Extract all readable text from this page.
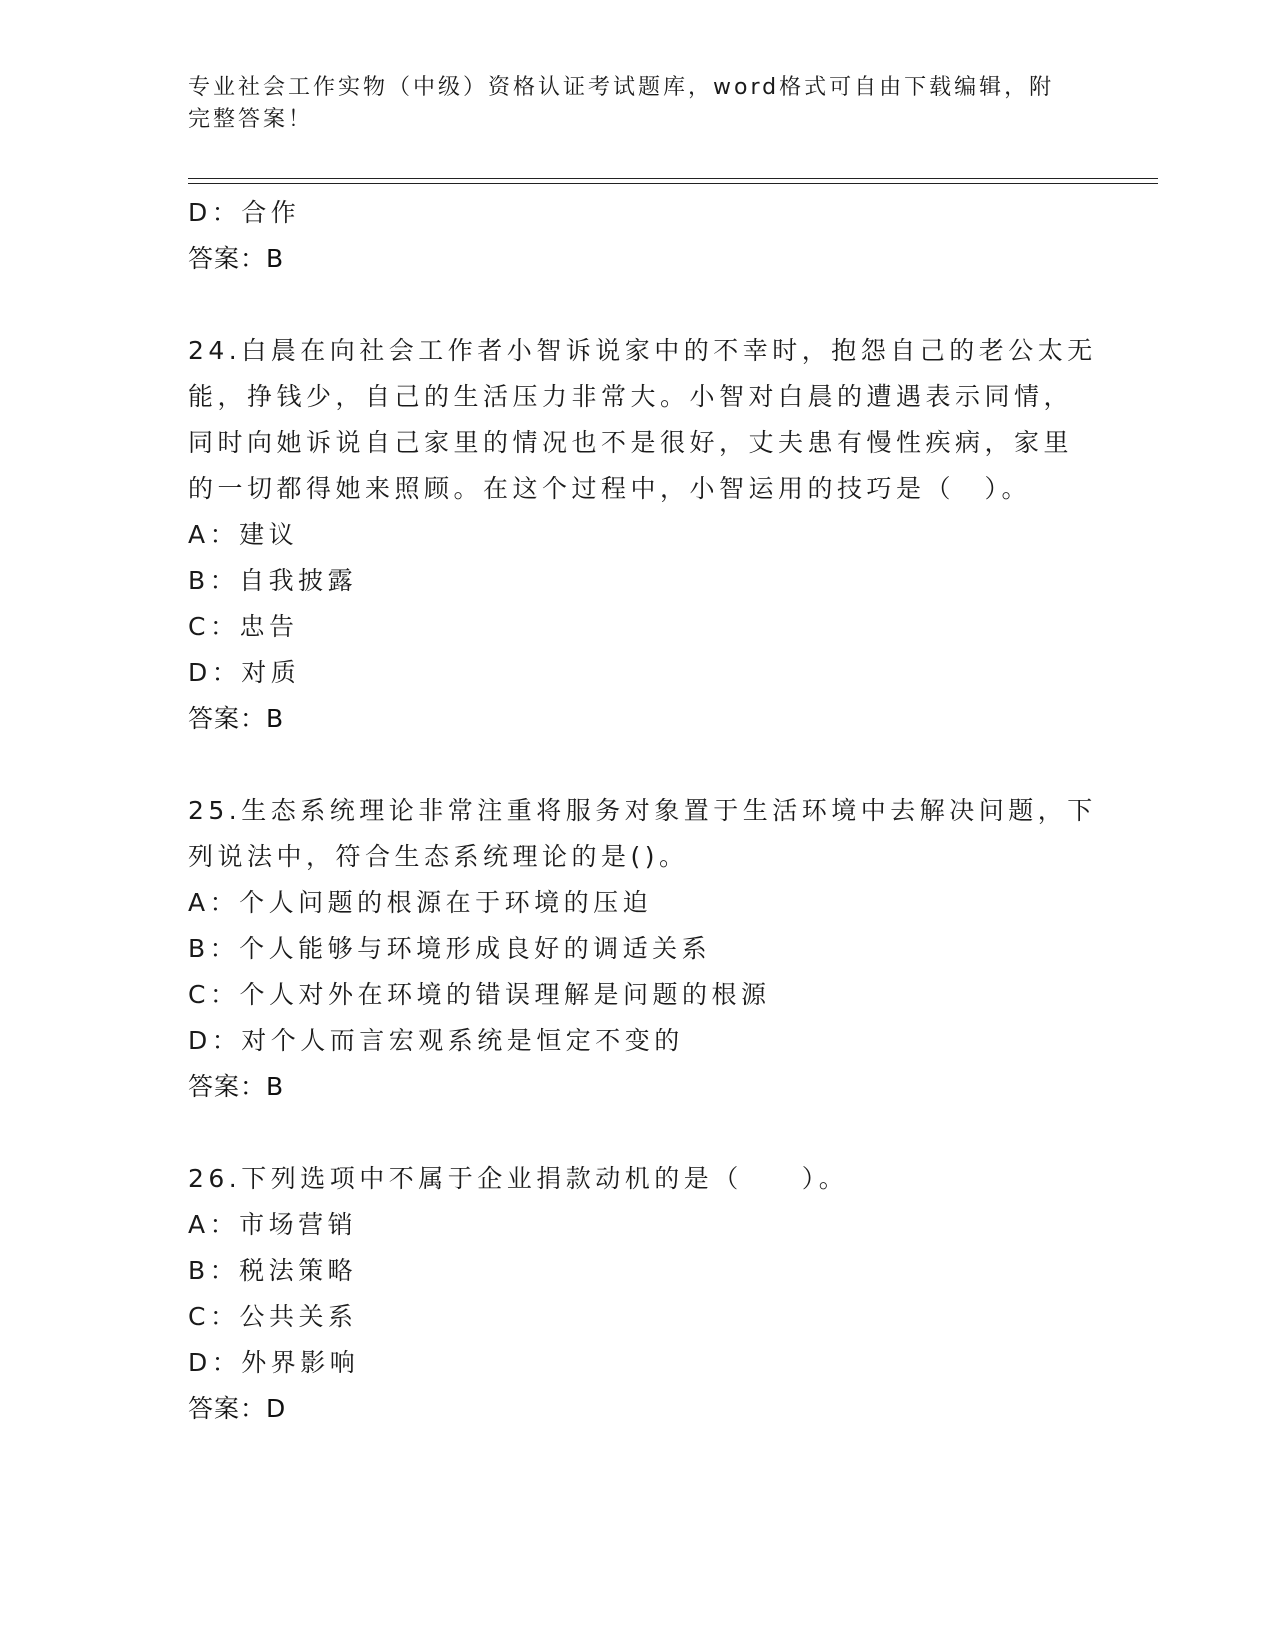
专业社会工作实物（中级）资格认证考试题库，word格式可自由下载编辑，附完整答案！
D：合作
答案：B
24.白晨在向社会工作者小智诉说家中的不幸时，抱怨自己的老公太无
能，挣钱少，自己的生活压力非常大。小智对白晨的遭遇表示同情，
同时向她诉说自己家里的情况也不是很好，丈夫患有慢性疾病，家里
的一切都得她来照顾。在这个过程中，小智运用的技巧是（　）。
A：建议
B：自我披露
C：忠告
D：对质
答案：B
25.生态系统理论非常注重将服务对象置于生活环境中去解决问题，下
列说法中，符合生态系统理论的是()。
A：个人问题的根源在于环境的压迫
B：个人能够与环境形成良好的调适关系
C：个人对外在环境的错误理解是问题的根源
D：对个人而言宏观系统是恒定不变的
答案：B
26.下列选项中不属于企业捐款动机的是（　　）。
A：市场营销
B：税法策略
C：公共关系
D：外界影响
答案：D
